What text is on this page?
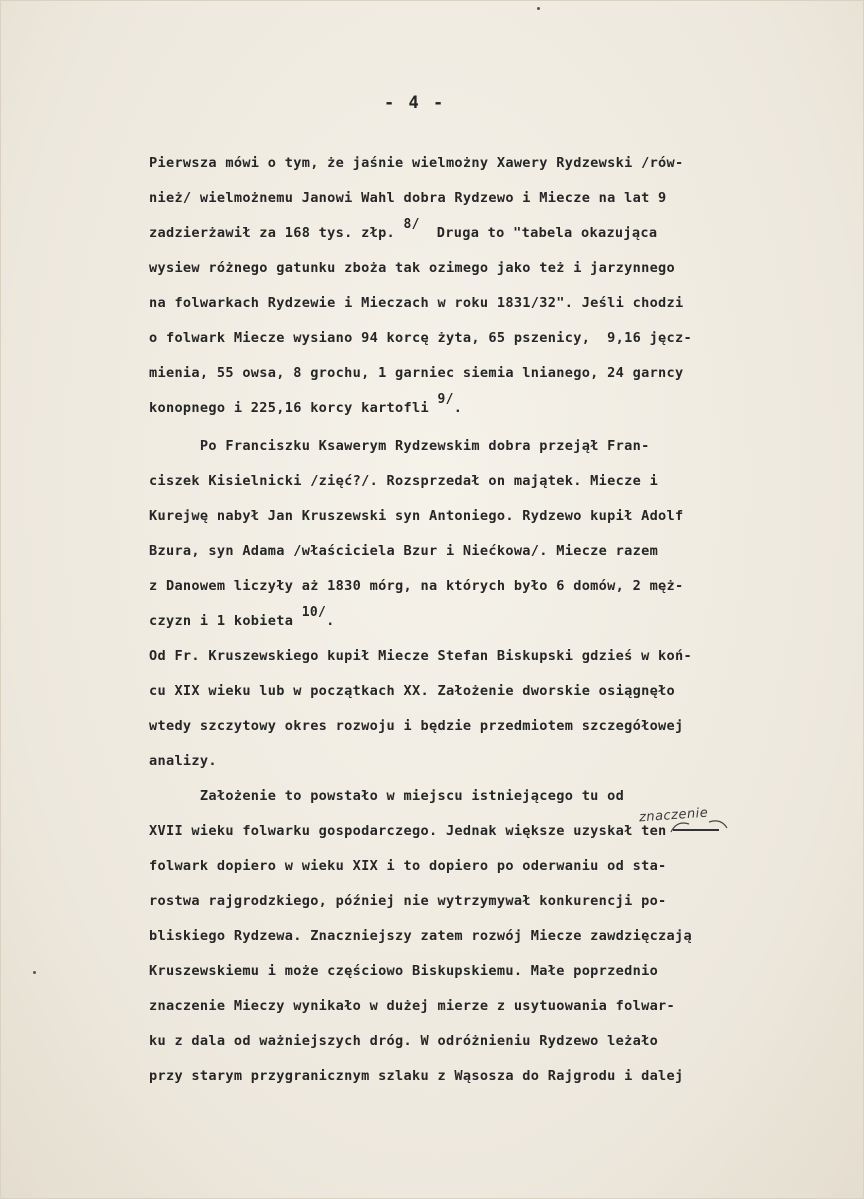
- 4 -
Pierwsza mówi o tym, że jaśnie wielmożny Xawery Rydzewski /rów-
nież/ wielmożnemu Janowi Wahl dobra Rydzewo i Miecze na lat 9
zadzierżawił za 168 tys. złp. 8/  Druga to "tabela okazująca
wysiew różnego gatunku zboża tak ozimego jako też i jarzynnego
na folwarkach Rydzewie i Mieczach w roku 1831/32". Jeśli chodzi
o folwark Miecze wysiano 94 korcę żyta, 65 pszenicy,  9,16 jęcz-
mienia, 55 owsa, 8 grochu, 1 garniec siemia lnianego, 24 garncy
konopnego i 225,16 korcy kartofli 9/.
Po Franciszku Ksawerym Rydzewskim dobra przejął Fran-
ciszek Kisielnicki /zięć?/. Rozsprzedał on majątek. Miecze i
Kurejwę nabył Jan Kruszewski syn Antoniego. Rydzewo kupił Adolf
Bzura, syn Adama /właściciela Bzur i Niećkowa/. Miecze razem
z Danowem liczyły aż 1830 mórg, na których było 6 domów, 2 męż-
czyzn i 1 kobieta 10/.
Od Fr. Kruszewskiego kupił Miecze Stefan Biskupski gdzieś w koń-
cu XIX wieku lub w początkach XX. Założenie dworskie osiągnęło
wtedy szczytowy okres rozwoju i będzie przedmiotem szczegółowej
analizy.
Założenie to powstało w miejscu istniejącego tu od
XVII wieku folwarku gospodarczego. Jednak większe uzyskał ten
folwark dopiero w wieku XIX i to dopiero po oderwaniu od sta-
rostwa rajgrodzkiego, później nie wytrzymywał konkurencji po-
bliskiego Rydzewa. Znaczniejszy zatem rozwój Miecze zawdzięczają
Kruszewskiemu i może częściowo Biskupskiemu. Małe poprzednio
znaczenie Mieczy wynikało w dużej mierze z usytuowania folwar-
ku z dala od ważniejszych dróg. W odróżnieniu Rydzewo leżało
przy starym przygranicznym szlaku z Wąsosza do Rajgrodu i dalej
znaczenie
